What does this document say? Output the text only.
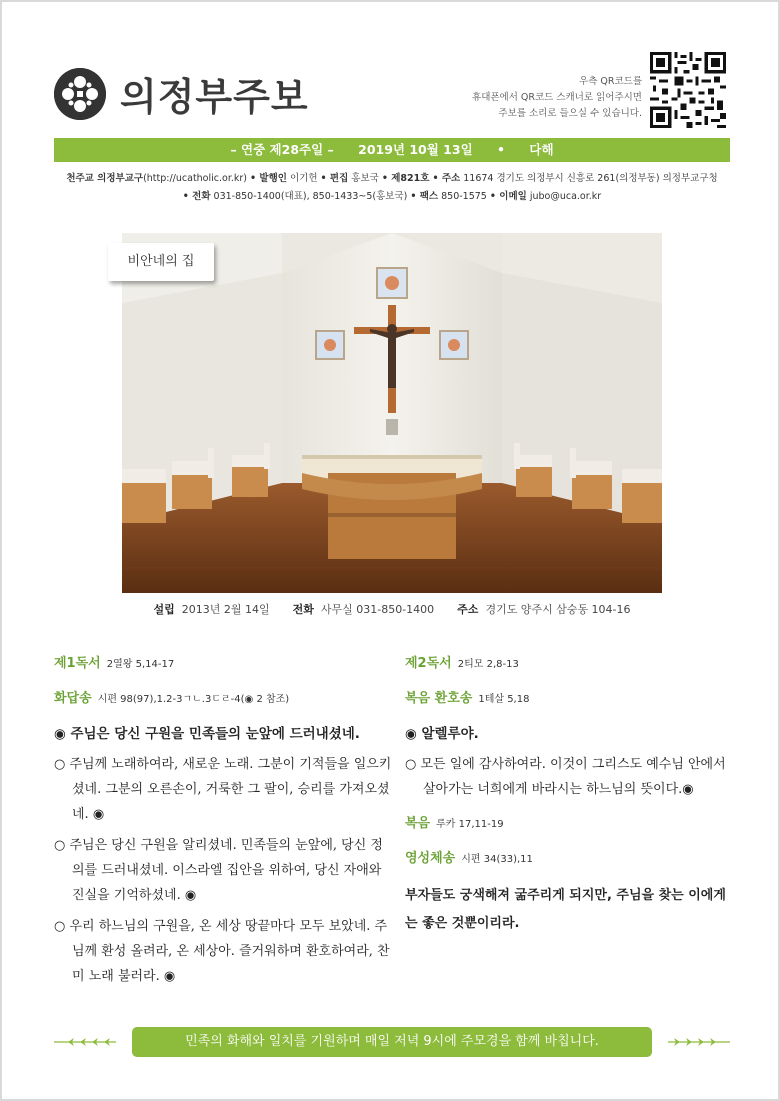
의정부주보	우측 QR코드를
휴대폰에서 QR코드 스캐너로 읽어주시면
주보를 소리로 들으실 수 있습니다.
– 연중 제28주일 – 2019년 10월 13일 • 다해
천주교 의정부교구(http://ucatholic.or.kr) • 발행인 이기헌 • 편집 홍보국 • 제821호 • 주소 11674 경기도 의정부시 신흥로 261(의정부동) 의정부교구청
• 전화 031-850-1400(대표), 850-1433~5(홍보국) • 팩스 850-1575 • 이메일 jubo@uca.or.kr
비안네의 집
설립 2013년 2월 14일 전화 사무실 031-850-1400 주소 경기도 양주시 삼숭동 104-16
제1독서 2열왕 5,14-17
화답송 시편 98(97),1.2-3ㄱㄴ.3ㄷㄹ-4(◉ 2 참조)
◉ 주님은 당신 구원을 민족들의 눈앞에 드러내셨네.
○ 주님께 노래하여라, 새로운 노래. 그분이 기적들을 일으키셨네. 그분의 오른손이, 거룩한 그 팔이, 승리를 가져오셨네. ◉
○ 주님은 당신 구원을 알리셨네. 민족들의 눈앞에, 당신 정의를 드러내셨네. 이스라엘 집안을 위하여, 당신 자애와 진실을 기억하셨네. ◉
○ 우리 하느님의 구원을, 온 세상 땅끝마다 모두 보았네. 주님께 환성 올려라, 온 세상아. 즐거워하며 환호하여라, 찬미 노래 불러라. ◉
제2독서 2티모 2,8-13
복음 환호송 1테살 5,18
◉ 알렐루야.
○ 모든 일에 감사하여라. 이것이 그리스도 예수님 안에서 살아가는 너희에게 바라시는 하느님의 뜻이다.◉
복음 루카 17,11-19
영성체송 시편 34(33),11
부자들도 궁색해져 굶주리게 되지만, 주님을 찾는 이에게는 좋은 것뿐이리라.
민족의 화해와 일치를 기원하며 매일 저녁 9시에 주모경을 함께 바칩니다.
